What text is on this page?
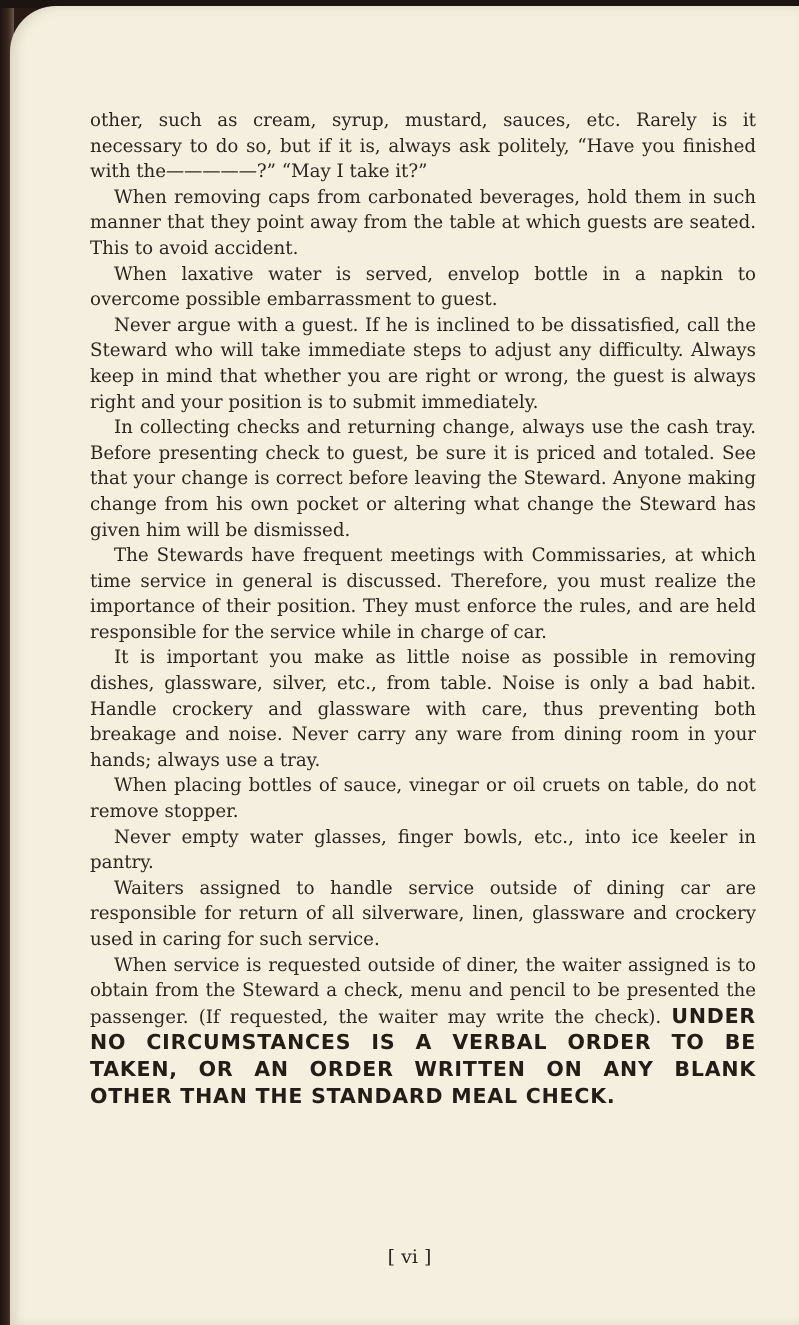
other, such as cream, syrup, mustard, sauces, etc. Rarely is it necessary to do so, but if it is, always ask politely, “Have you finished with the—————?” “May I take it?”

When removing caps from carbonated beverages, hold them in such manner that they point away from the table at which guests are seated. This to avoid accident.

When laxative water is served, envelop bottle in a napkin to overcome possible embarrassment to guest.

Never argue with a guest. If he is inclined to be dissatisfied, call the Steward who will take immediate steps to adjust any difficulty. Always keep in mind that whether you are right or wrong, the guest is always right and your position is to submit immediately.

In collecting checks and returning change, always use the cash tray. Before presenting check to guest, be sure it is priced and totaled. See that your change is correct before leaving the Steward. Anyone making change from his own pocket or altering what change the Steward has given him will be dismissed.

The Stewards have frequent meetings with Commissaries, at which time service in general is discussed. Therefore, you must realize the importance of their position. They must enforce the rules, and are held responsible for the service while in charge of car.

It is important you make as little noise as possible in removing dishes, glassware, silver, etc., from table. Noise is only a bad habit. Handle crockery and glassware with care, thus preventing both breakage and noise. Never carry any ware from dining room in your hands; always use a tray.

When placing bottles of sauce, vinegar or oil cruets on table, do not remove stopper.

Never empty water glasses, finger bowls, etc., into ice keeler in pantry.

Waiters assigned to handle service outside of dining car are responsible for return of all silverware, linen, glassware and crockery used in caring for such service.

When service is requested outside of diner, the waiter assigned is to obtain from the Steward a check, menu and pencil to be presented the passenger. (If requested, the waiter may write the check). UNDER NO CIRCUMSTANCES IS A VERBAL ORDER TO BE TAKEN, OR AN ORDER WRITTEN ON ANY BLANK OTHER THAN THE STANDARD MEAL CHECK.

[ vi ]
